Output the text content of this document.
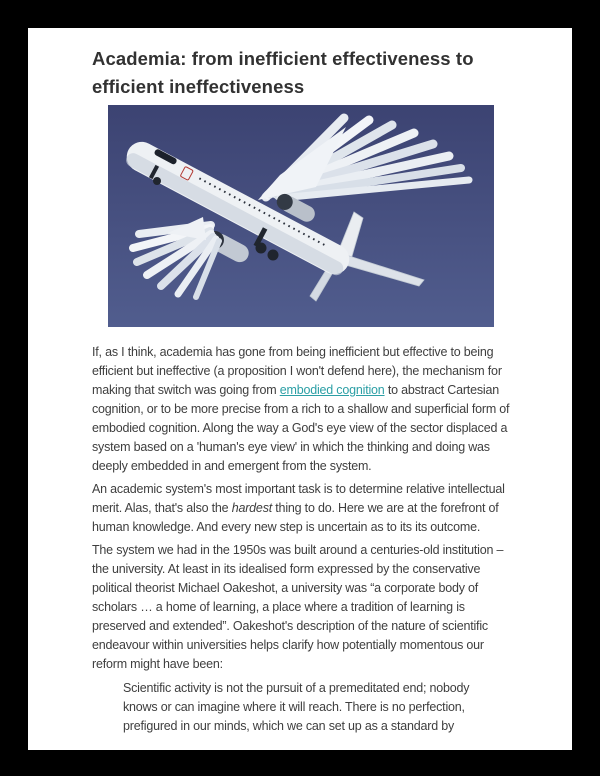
Academia: from inefficient effectiveness to efficient ineffectiveness

If, as I think, academia has gone from being inefficient but effective to being efficient but ineffective (a proposition I won't defend here), the mechanism for making that switch was going from embodied cognition to abstract Cartesian cognition, or to be more precise from a rich to a shallow and superficial form of embodied cognition. Along the way a God's eye view of the sector displaced a system based on a 'human's eye view' in which the thinking and doing was deeply embedded in and emergent from the system.

An academic system's most important task is to determine relative intellectual merit. Alas, that's also the hardest thing to do. Here we are at the forefront of human knowledge. And every new step is uncertain as to its its outcome.

The system we had in the 1950s was built around a centuries-old institution – the university. At least in its idealised form expressed by the conservative political theorist Michael Oakeshot, a university was “a corporate body of scholars … a home of learning, a place where a tradition of learning is preserved and extended”. Oakeshot's description of the nature of scientific endeavour within universities helps clarify how potentially momentous our reform might have been:

Scientific activity is not the pursuit of a premeditated end; nobody knows or can imagine where it will reach. There is no perfection, prefigured in our minds, which we can set up as a standard by
